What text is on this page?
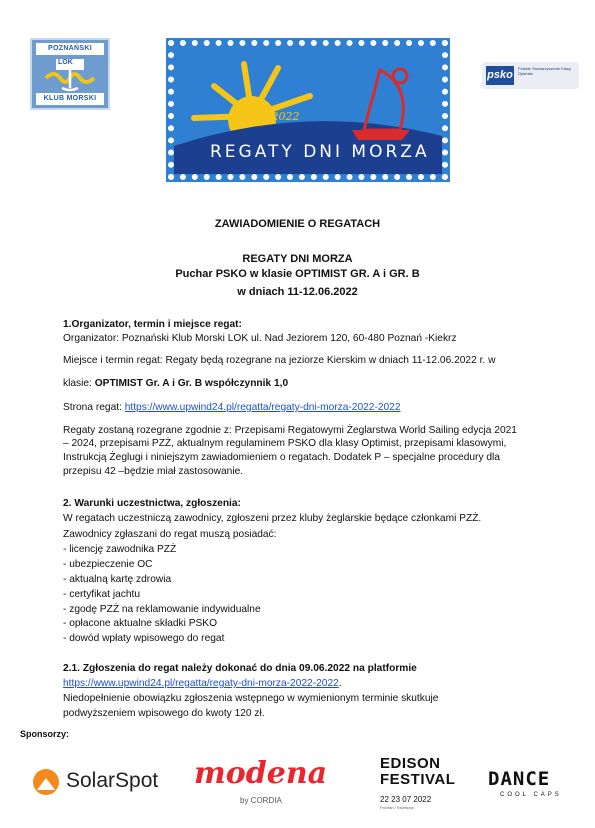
POZNAŃSKI
LOK
KLUB MORSKI
Kiekrz 2022
REGATY DNI MORZA
psko
Polskie Stowarzyszenie Klasy Optimist
ZAWIADOMIENIE O REGATACH
REGATY DNI MORZA
Puchar PSKO w klasie OPTIMIST GR. A i GR. B
w dniach 11-12.06.2022
1.Organizator, termin i miejsce regat:
Organizator: Poznański Klub Morski LOK ul. Nad Jeziorem 120, 60-480 Poznań -Kiekrz
Miejsce i termin regat: Regaty będą rozegrane na jeziorze Kierskim w dniach 11-12.06.2022 r. w
klasie: OPTIMIST Gr. A i Gr. B współczynnik 1,0
Strona regat: https://www.upwind24.pl/regatta/regaty-dni-morza-2022-2022
Regaty zostaną rozegrane zgodnie z: Przepisami Regatowymi Żeglarstwa World Sailing edycja 2021
– 2024, przepisami PZŻ, aktualnym regulaminem PSKO dla klasy Optimist, przepisami klasowymi,
Instrukcją Żeglugi i niniejszym zawiadomieniem o regatach. Dodatek P – specjalne procedury dla
przepisu 42 –będzie miał zastosowanie.
2. Warunki uczestnictwa, zgłoszenia:
W regatach uczestniczą zawodnicy, zgłoszeni przez kluby żeglarskie będące członkami PZŻ.
Zawodnicy zgłaszani do regat muszą posiadać:
- licencję zawodnika PZŻ
- ubezpieczenie OC
- aktualną kartę zdrowia
- certyfikat jachtu
- zgodę PZŻ na reklamowanie indywidualne
- opłacone aktualne składki PSKO
- dowód wpłaty wpisowego do regat
2.1. Zgłoszenia do regat należy dokonać do dnia 09.06.2022 na platformie
https://www.upwind24.pl/regatta/regaty-dni-morza-2022-2022.
Niedopełnienie obowiązku zgłoszenia wstępnego w wymienionym terminie skutkuje
podwyższeniem wpisowego do kwoty 120 zł.
Sponsorzy:
SolarSpot modena
by CORDIA
EDISON
FESTIVAL
22 23 07 2022
Poznań / Strzeszyn
DANCE
COOL CAPS
